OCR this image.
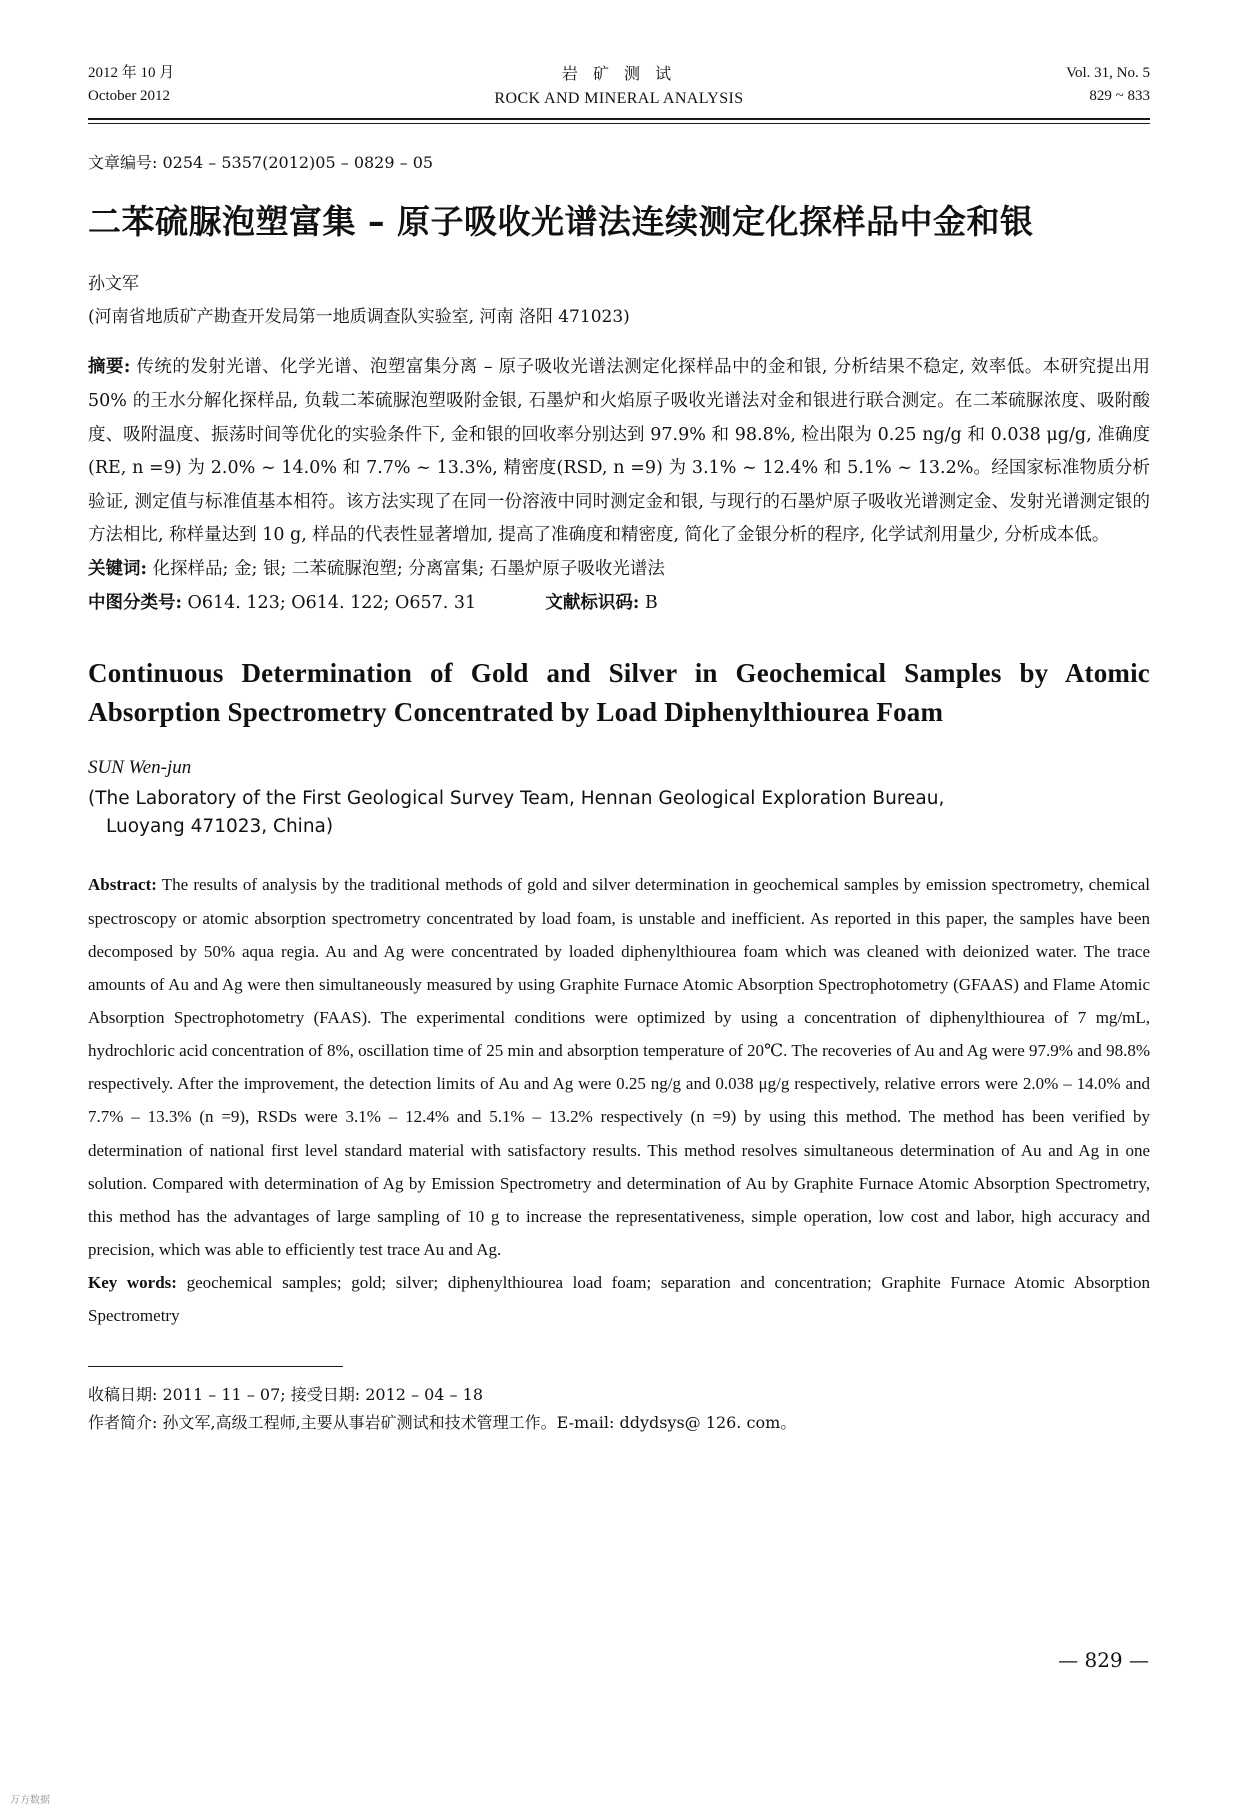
2012 年 10 月
October 2012
岩 矿 测 试
ROCK AND MINERAL ANALYSIS
Vol. 31, No. 5
829 ~ 833
文章编号: 0254 – 5357(2012)05 – 0829 – 05
二苯硫脲泡塑富集 – 原子吸收光谱法连续测定化探样品中金和银
孙文军
(河南省地质矿产勘查开发局第一地质调查队实验室, 河南 洛阳 471023)
摘要: 传统的发射光谱、化学光谱、泡塑富集分离 – 原子吸收光谱法测定化探样品中的金和银, 分析结果不稳定, 效率低。本研究提出用 50% 的王水分解化探样品, 负载二苯硫脲泡塑吸附金银, 石墨炉和火焰原子吸收光谱法对金和银进行联合测定。在二苯硫脲浓度、吸附酸度、吸附温度、振荡时间等优化的实验条件下, 金和银的回收率分别达到 97.9% 和 98.8%, 检出限为 0.25 ng/g 和 0.038 μg/g, 准确度(RE, n =9) 为 2.0% ~ 14.0% 和 7.7% ~ 13.3%, 精密度(RSD, n =9) 为 3.1% ~ 12.4% 和 5.1% ~ 13.2%。经国家标准物质分析验证, 测定值与标准值基本相符。该方法实现了在同一份溶液中同时测定金和银, 与现行的石墨炉原子吸收光谱测定金、发射光谱测定银的方法相比, 称样量达到 10 g, 样品的代表性显著增加, 提高了准确度和精密度, 简化了金银分析的程序, 化学试剂用量少, 分析成本低。
关键词: 化探样品; 金; 银; 二苯硫脲泡塑; 分离富集; 石墨炉原子吸收光谱法
中图分类号: O614. 123; O614. 122; O657. 31	文献标识码: B
Continuous Determination of Gold and Silver in Geochemical Samples by Atomic Absorption Spectrometry Concentrated by Load Diphenylthiourea Foam
SUN Wen-jun
(The Laboratory of the First Geological Survey Team, Hennan Geological Exploration Bureau,
Luoyang 471023, China)
Abstract: The results of analysis by the traditional methods of gold and silver determination in geochemical samples by emission spectrometry, chemical spectroscopy or atomic absorption spectrometry concentrated by load foam, is unstable and inefficient. As reported in this paper, the samples have been decomposed by 50% aqua regia. Au and Ag were concentrated by loaded diphenylthiourea foam which was cleaned with deionized water. The trace amounts of Au and Ag were then simultaneously measured by using Graphite Furnace Atomic Absorption Spectrophotometry (GFAAS) and Flame Atomic Absorption Spectrophotometry (FAAS). The experimental conditions were optimized by using a concentration of diphenylthiourea of 7 mg/mL, hydrochloric acid concentration of 8%, oscillation time of 25 min and absorption temperature of 20℃. The recoveries of Au and Ag were 97.9% and 98.8% respectively. After the improvement, the detection limits of Au and Ag were 0.25 ng/g and 0.038 μg/g respectively, relative errors were 2.0% – 14.0% and 7.7% – 13.3% (n =9), RSDs were 3.1% – 12.4% and 5.1% – 13.2% respectively (n =9) by using this method. The method has been verified by determination of national first level standard material with satisfactory results. This method resolves simultaneous determination of Au and Ag in one solution. Compared with determination of Ag by Emission Spectrometry and determination of Au by Graphite Furnace Atomic Absorption Spectrometry, this method has the advantages of large sampling of 10 g to increase the representativeness, simple operation, low cost and labor, high accuracy and precision, which was able to efficiently test trace Au and Ag.
Key words: geochemical samples; gold; silver; diphenylthiourea load foam; separation and concentration; Graphite Furnace Atomic Absorption Spectrometry
收稿日期: 2011 – 11 – 07; 接受日期: 2012 – 04 – 18
作者简介: 孙文军,高级工程师,主要从事岩矿测试和技术管理工作。E-mail: ddydsys@ 126. com。
— 829 —
万方数据
